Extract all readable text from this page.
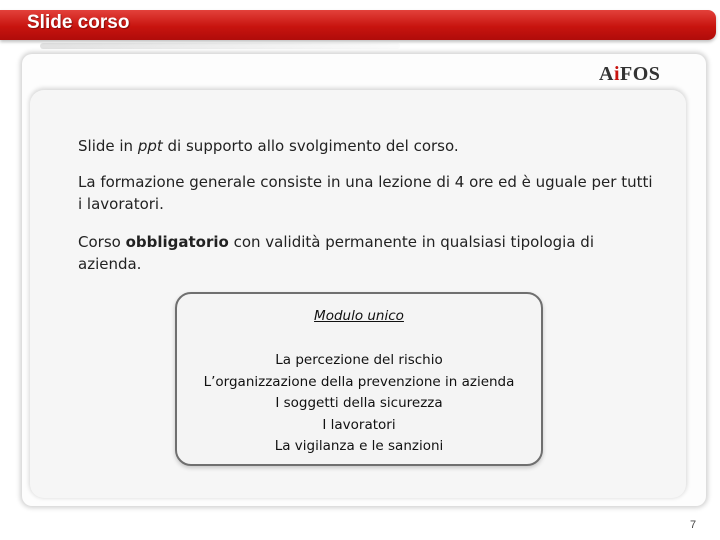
Slide corso
AiFOS
Slide in ppt di supporto allo svolgimento del corso.
La formazione generale consiste in una lezione di 4 ore ed è uguale per tutti i lavoratori.
Corso obbligatorio con validità permanente in qualsiasi tipologia di azienda.
Modulo unico
La percezione del rischio
L’organizzazione della prevenzione in azienda
I soggetti della sicurezza
I lavoratori
La vigilanza e le sanzioni
7
